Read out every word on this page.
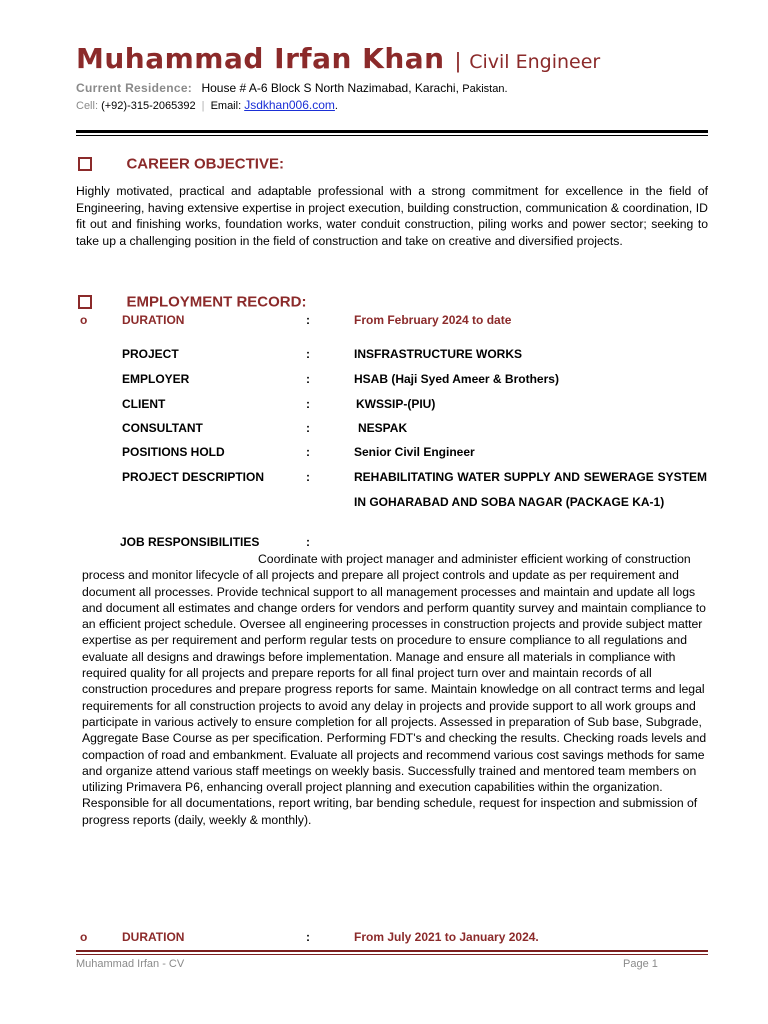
Muhammad Irfan Khan | Civil Engineer
Current Residence: House # A-6 Block S North Nazimabad, Karachi, Pakistan.
Cell: (+92)-315-2065392 | Email: Jsdkhan006.com.
CAREER OBJECTIVE:
Highly motivated, practical and adaptable professional with a strong commitment for excellence in the field of Engineering, having extensive expertise in project execution, building construction, communication & coordination, ID fit out and finishing works, foundation works, water conduit construction, piling works and power sector; seeking to take up a challenging position in the field of construction and take on creative and diversified projects.
EMPLOYMENT RECORD:
o	DURATION	:	From February 2024 to date
PROJECT	:	INSFRASTRUCTURE WORKS
EMPLOYER	:	HSAB (Haji Syed Ameer & Brothers)
CLIENT	:	KWSSIP-(PIU)
CONSULTANT	:	NESPAK
POSITIONS HOLD	:	Senior Civil Engineer
PROJECT DESCRIPTION	:	REHABILITATING WATER SUPPLY AND SEWERAGE SYSTEM
IN GOHARABAD AND SOBA NAGAR (PACKAGE KA-1)
JOB RESPONSIBILITIES	:
Coordinate with project manager and administer efficient working of construction process and monitor lifecycle of all projects and prepare all project controls and update as per requirement and document all processes. Provide technical support to all management processes and maintain and update all logs and document all estimates and change orders for vendors and perform quantity survey and maintain compliance to an efficient project schedule. Oversee all engineering processes in construction projects and provide subject matter expertise as per requirement and perform regular tests on procedure to ensure compliance to all regulations and evaluate all designs and drawings before implementation. Manage and ensure all materials in compliance with required quality for all projects and prepare reports for all final project turn over and maintain records of all construction procedures and prepare progress reports for same. Maintain knowledge on all contract terms and legal requirements for all construction projects to avoid any delay in projects and provide support to all work groups and participate in various actively to ensure completion for all projects. Assessed in preparation of Sub base, Subgrade, Aggregate Base Course as per specification. Performing FDT's and checking the results. Checking roads levels and compaction of road and embankment. Evaluate all projects and recommend various cost savings methods for same and organize attend various staff meetings on weekly basis. Successfully trained and mentored team members on utilizing Primavera P6, enhancing overall project planning and execution capabilities within the organization. Responsible for all documentations, report writing, bar bending schedule, request for inspection and submission of progress reports (daily, weekly & monthly).
o	DURATION	:	From July 2021 to January 2024.
Muhammad Irfan - CV	Page 1
